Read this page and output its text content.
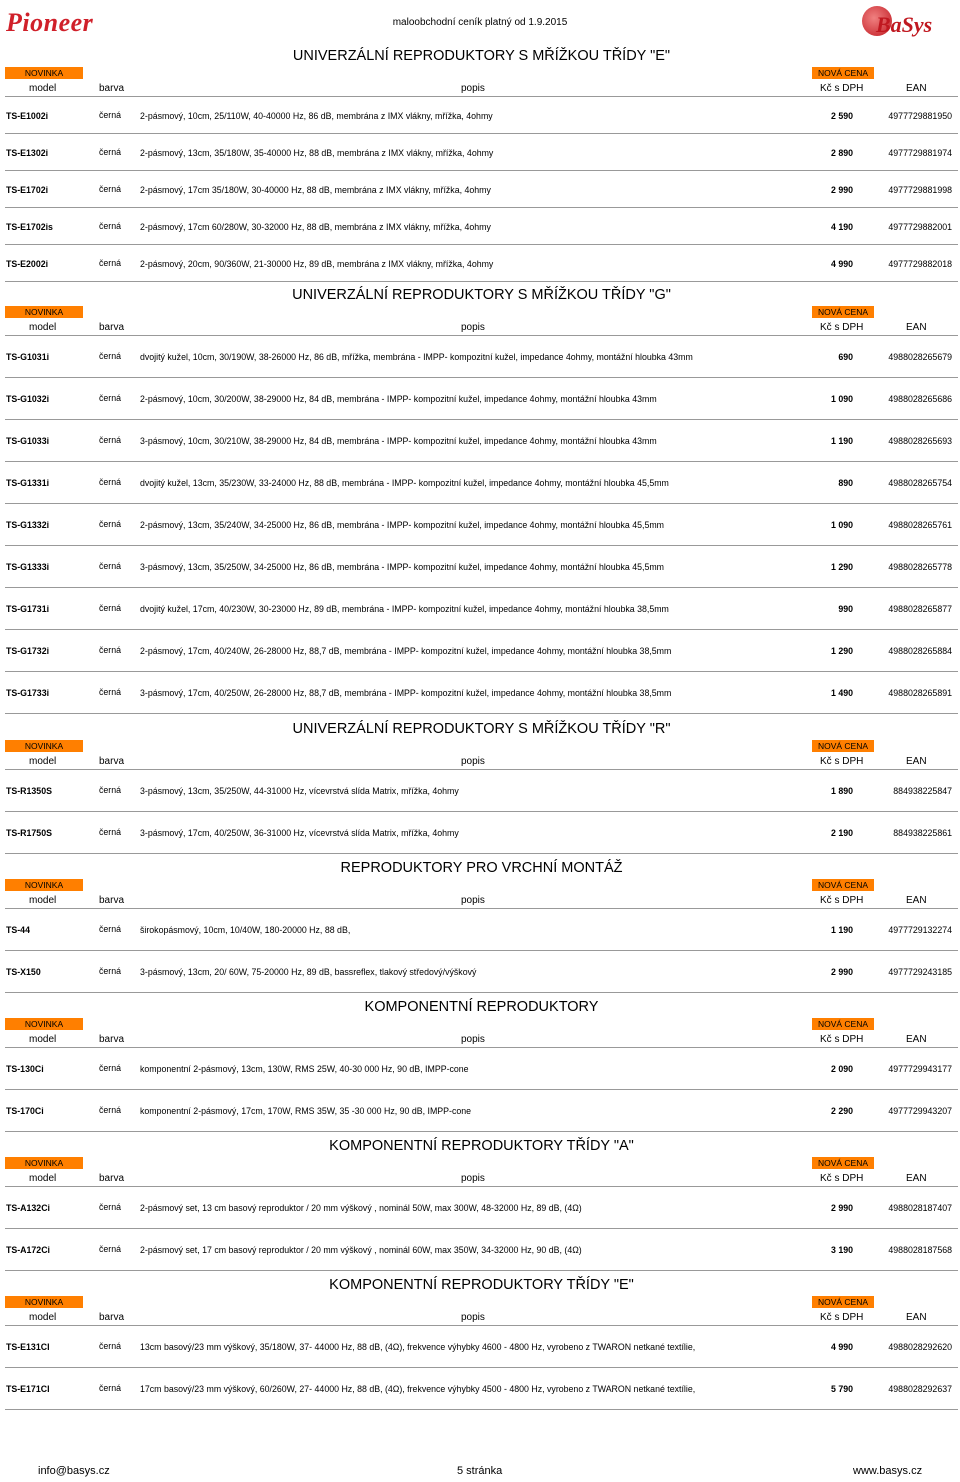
Pioneer	maloobchodní ceník platný od 1.9.2015	BaSys
UNIVERZÁLNÍ REPRODUKTORY S MŘÍŽKOU TŘÍDY "E"
NOVINKA	NOVÁ CENA
model	barva	popis	Kč s DPH	EAN
TS-E1002i	černá 2-pásmový, 10cm, 25/110W, 40-40000 Hz, 86 dB, membrána z IMX vlákny, mřížka, 4ohmy	2 590	4977729881950
TS-E1302i	černá 2-pásmový, 13cm, 35/180W, 35-40000 Hz, 88 dB, membrána z IMX vlákny, mřížka, 4ohmy	2 890	4977729881974
TS-E1702i	černá 2-pásmový, 17cm 35/180W, 30-40000 Hz, 88 dB, membrána z IMX vlákny, mřížka, 4ohmy	2 990	4977729881998
TS-E1702is	černá 2-pásmový, 17cm 60/280W, 30-32000 Hz, 88 dB, membrána z IMX vlákny, mřížka, 4ohmy	4 190	4977729882001
TS-E2002i	černá 2-pásmový, 20cm, 90/360W, 21-30000 Hz, 89 dB, membrána z IMX vlákny, mřížka, 4ohmy	4 990	4977729882018
UNIVERZÁLNÍ REPRODUKTORY S MŘÍŽKOU TŘÍDY "G"
NOVINKA	NOVÁ CENA
model	barva	popis	Kč s DPH	EAN
TS-G1031i	černá dvojitý kužel, 10cm, 30/190W, 38-26000 Hz, 86 dB, mřížka, membrána - IMPP- kompozitní kužel, impedance 4ohmy, montážní hloubka 43mm	690	4988028265679
TS-G1032i	černá 2-pásmový, 10cm, 30/200W, 38-29000 Hz, 84 dB, membrána - IMPP- kompozitní kužel, impedance 4ohmy, montážní hloubka 43mm	1 090	4988028265686
TS-G1033i	černá 3-pásmový, 10cm, 30/210W, 38-29000 Hz, 84 dB, membrána - IMPP- kompozitní kužel, impedance 4ohmy, montážní hloubka 43mm	1 190	4988028265693
TS-G1331i	černá dvojitý kužel, 13cm, 35/230W, 33-24000 Hz, 88 dB, membrána - IMPP- kompozitní kužel, impedance 4ohmy, montážní hloubka 45,5mm	890	4988028265754
TS-G1332i	černá 2-pásmový, 13cm, 35/240W, 34-25000 Hz, 86 dB, membrána - IMPP- kompozitní kužel, impedance 4ohmy, montážní hloubka 45,5mm	1 090	4988028265761
TS-G1333i	černá 3-pásmový, 13cm, 35/250W, 34-25000 Hz, 86 dB, membrána - IMPP- kompozitní kužel, impedance 4ohmy, montážní hloubka 45,5mm	1 290	4988028265778
TS-G1731i	černá dvojitý kužel, 17cm, 40/230W, 30-23000 Hz, 89 dB, membrána - IMPP- kompozitní kužel, impedance 4ohmy, montážní hloubka 38,5mm	990	4988028265877
TS-G1732i	černá 2-pásmový, 17cm, 40/240W, 26-28000 Hz, 88,7 dB, membrána - IMPP- kompozitní kužel, impedance 4ohmy, montážní hloubka 38,5mm	1 290	4988028265884
TS-G1733i	černá 3-pásmový, 17cm, 40/250W, 26-28000 Hz, 88,7 dB, membrána - IMPP- kompozitní kužel, impedance 4ohmy, montážní hloubka 38,5mm	1 490	4988028265891
UNIVERZÁLNÍ REPRODUKTORY S MŘÍŽKOU TŘÍDY "R"
NOVINKA	NOVÁ CENA
model	barva	popis	Kč s DPH	EAN
TS-R1350S	černá 3-pásmový, 13cm, 35/250W, 44-31000 Hz, vícevrstvá slída Matrix, mřížka, 4ohmy	1 890	884938225847
TS-R1750S	černá 3-pásmový, 17cm, 40/250W, 36-31000 Hz, vícevrstvá slída Matrix, mřížka, 4ohmy	2 190	884938225861
REPRODUKTORY PRO VRCHNÍ MONTÁŽ
NOVINKA	NOVÁ CENA
model	barva	popis	Kč s DPH	EAN
TS-44	černá širokopásmový, 10cm, 10/40W, 180-20000 Hz, 88 dB,	1 190	4977729132274
TS-X150	černá 3-pásmový, 13cm, 20/ 60W, 75-20000 Hz, 89 dB, bassreflex, tlakový středový/výškový	2 990	4977729243185
KOMPONENTNÍ REPRODUKTORY
NOVINKA	NOVÁ CENA
model	barva	popis	Kč s DPH	EAN
TS-130Ci	černá komponentní 2-pásmový, 13cm, 130W, RMS 25W, 40-30 000 Hz, 90 dB, IMPP-cone	2 090	4977729943177
TS-170Ci	černá komponentní 2-pásmový, 17cm, 170W, RMS 35W, 35 -30 000 Hz, 90 dB, IMPP-cone	2 290	4977729943207
KOMPONENTNÍ REPRODUKTORY TŘÍDY "A"
NOVINKA	NOVÁ CENA
model	barva	popis	Kč s DPH	EAN
TS-A132Ci	černá 2-pásmový set, 13 cm basový reproduktor / 20 mm výškový , nominál 50W, max 300W, 48-32000 Hz, 89 dB, (4Ω)	2 990	4988028187407
TS-A172Ci	černá 2-pásmový set, 17 cm basový reproduktor / 20 mm výškový , nominál 60W, max 350W, 34-32000 Hz, 90 dB, (4Ω)	3 190	4988028187568
KOMPONENTNÍ REPRODUKTORY TŘÍDY "E"
NOVINKA	NOVÁ CENA
model	barva	popis	Kč s DPH	EAN
TS-E131CI	černá 13cm basový/23 mm výškový, 35/180W, 37- 44000 Hz, 88 dB, (4Ω), frekvence výhybky 4600 - 4800 Hz, vyrobeno z TWARON netkané textílie,	4 990	4988028292620
TS-E171CI	černá 17cm basový/23 mm výškový, 60/260W, 27- 44000 Hz, 88 dB, (4Ω), frekvence výhybky 4500 - 4800 Hz, vyrobeno z TWARON netkané textílie,	5 790	4988028292637
info@basys.cz	5 stránka	www.basys.cz
